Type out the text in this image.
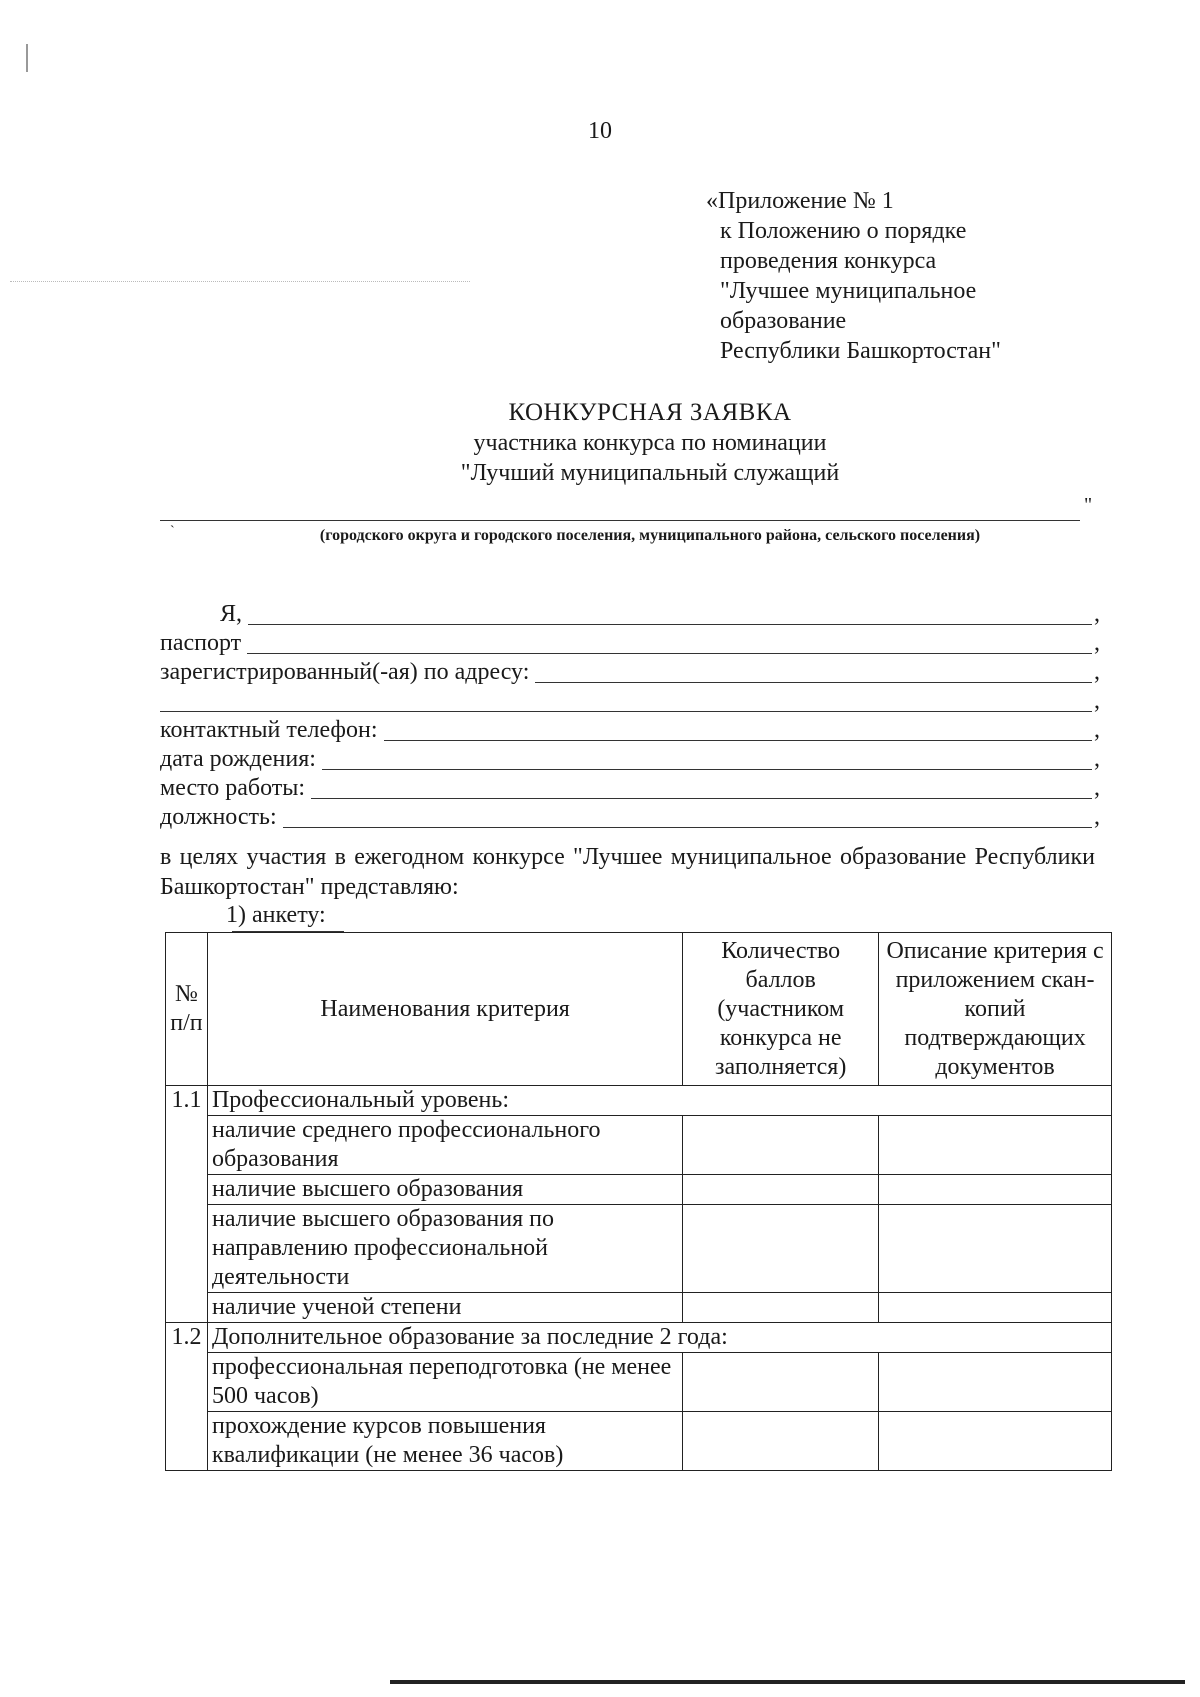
10
«Приложение № 1
к Положению о порядке
проведения конкурса
"Лучшее муниципальное
образование
Республики Башкортостан"
КОНКУРСНАЯ ЗАЯВКА
участника конкурса по номинации
"Лучший муниципальный служащий
"
`	(городского округа и городского поселения, муниципального района, сельского поселения)
Я,	,
паспорт	,
зарегистрированный(-ая) по адресу:	,
,
контактный телефон:	,
дата рождения:	,
место работы:	,
должность:	,
в целях участия в ежегодном конкурсе "Лучшее муниципальное образование Республики Башкортостан" представляю:
1) анкету:
№ п/п	Наименования критерия	Количество баллов (участником конкурса не заполняется)	Описание критерия с приложением скан-копий подтверждающих документов
1.1	Профессиональный уровень:		
	наличие среднего профессионального образования		
	наличие высшего образования		
	наличие высшего образования по направлению профессиональной деятельности		
	наличие ученой степени		
1.2	Дополнительное образование за последние 2 года:		
	профессиональная переподготовка (не менее 500 часов)		
	прохождение курсов повышения квалификации (не менее 36 часов)		
